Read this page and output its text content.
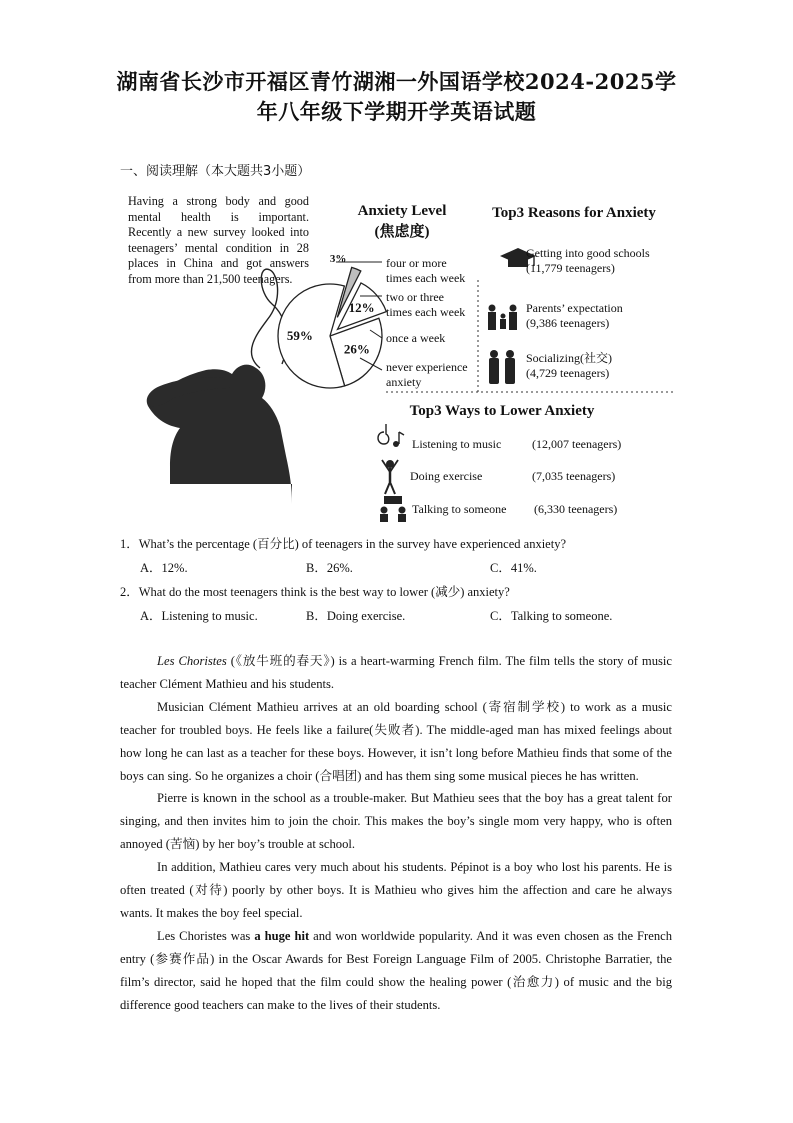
湖南省长沙市开福区青竹湖湘一外国语学校2024-2025学
年八年级下学期开学英语试题
一、阅读理解（本大题共3小题）
Having a strong body and good
mental health is important.
Recently a new survey looked into
teenagers’ mental condition in 28
places in China and got answers
from more than 21,500 teenagers.
3%
12%
26%
59%
Anxiety Level
(焦虑度)
Top3 Reasons for Anxiety
Top3 Ways to Lower Anxiety
four or more
times each week
two or three
times each week
once a week
never experience
anxiety
Getting into good schools
(11,779 teenagers)
Parents’ expectation
(9,386 teenagers)
Socializing(社交)
(4,729 teenagers)
Listening to music	(12,007 teenagers)
Doing exercise	(7,035 teenagers)
Talking to someone (6,330 teenagers)
1．What’s the percentage (百分比) of teenagers in the survey have experienced anxiety?
A．12%.	B．26%.	C．41%.
2．What do the most teenagers think is the best way to lower (减少) anxiety?
A．Listening to music.	B．Doing exercise.	C．Talking to someone.

Les Choristes (《放牛班的春天》) is a heart-warming French film. The film tells the story of music teacher Clément Mathieu and his students.

Musician Clément Mathieu arrives at an old boarding school (寄宿制学校) to work as a music teacher for troubled boys. He feels like a failure(失败者). The middle-aged man has mixed feelings about how long he can last as a teacher for these boys. However, it isn’t long before Mathieu finds that some of the boys can sing. So he organizes a choir (合唱团) and has them sing some musical pieces he has written.

Pierre is known in the school as a trouble-maker. But Mathieu sees that the boy has a great talent for singing, and then invites him to join the choir. This makes the boy’s single mom very happy, who is often annoyed (苦恼) by her boy’s trouble at school.

In addition, Mathieu cares very much about his students. Pépinot is a boy who lost his parents. He is often treated (对待) poorly by other boys. It is Mathieu who gives him the affection and care he always wants. It makes the boy feel special.

Les Choristes was a huge hit and won worldwide popularity. And it was even chosen as the French entry (参赛作品) in the Oscar Awards for Best Foreign Language Film of 2005. Christophe Barratier, the film’s director, said he hoped that the film could show the healing power (治愈力) of music and the big difference good teachers can make to the lives of their students.
